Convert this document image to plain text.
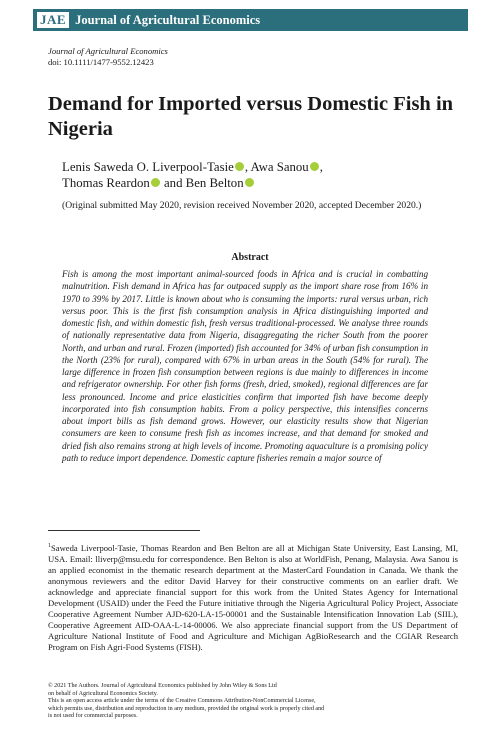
JAE Journal of Agricultural Economics
Journal of Agricultural Economics
doi: 10.1111/1477-9552.12423
Demand for Imported versus Domestic Fish in Nigeria
Lenis Saweda O. Liverpool-Tasie , Awa Sanou ,
Thomas Reardon and Ben Belton
(Original submitted May 2020, revision received November 2020, accepted December 2020.)
Abstract

Fish is among the most important animal-sourced foods in Africa and is crucial in combatting malnutrition. Fish demand in Africa has far outpaced supply as the import share rose from 16% in 1970 to 39% by 2017. Little is known about who is consuming the imports: rural versus urban, rich versus poor. This is the first fish consumption analysis in Africa distinguishing imported and domestic fish, and within domestic fish, fresh versus traditional-processed. We analyse three rounds of nationally representative data from Nigeria, disaggregating the richer South from the poorer North, and urban and rural. Frozen (imported) fish accounted for 34% of urban fish consumption in the North (23% for rural), compared with 67% in urban areas in the South (54% for rural). The large difference in frozen fish consumption between regions is due mainly to differences in income and refrigerator ownership. For other fish forms (fresh, dried, smoked), regional differences are far less pronounced. Income and price elasticities confirm that imported fish have become deeply incorporated into fish consumption habits. From a policy perspective, this intensifies concerns about import bills as fish demand grows. However, our elasticity results show that Nigerian consumers are keen to consume fresh fish as incomes increase, and that demand for smoked and dried fish also remains strong at high levels of income. Promoting aquaculture is a promising policy path to reduce import dependence. Domestic capture fisheries remain a major source of

$^1$Saweda Liverpool-Tasie, Thomas Reardon and Ben Belton are all at Michigan State University, East Lansing, MI, USA. Email: lliverp@msu.edu for correspondence. Ben Belton is also at WorldFish, Penang, Malaysia. Awa Sanou is an applied economist in the thematic research department at the MasterCard Foundation in Canada. We thank the anonymous reviewers and the editor David Harvey for their constructive comments on an earlier draft. We acknowledge and appreciate financial support for this work from the United States Agency for International Development (USAID) under the Feed the Future initiative through the Nigeria Agricultural Policy Project, Associate Cooperative Agreement Number AJD-620-LA-15-00001 and the Sustainable Intensification Innovation Lab (SIIL), Cooperative Agreement AID-OAA-L-14-00006. We also appreciate financial support from the US Department of Agriculture National Institute of Food and Agriculture and Michigan AgBioResearch and the CGIAR Research Program on Fish Agri-Food Systems (FISH).

© 2021 The Authors. Journal of Agricultural Economics published by John Wiley & Sons Ltd
on behalf of Agricultural Economics Society.
This is an open access article under the terms of the Creative Commons Attribution-NonCommercial License,
which permits use, distribution and reproduction in any medium, provided the original work is properly cited and
is not used for commercial purposes.
